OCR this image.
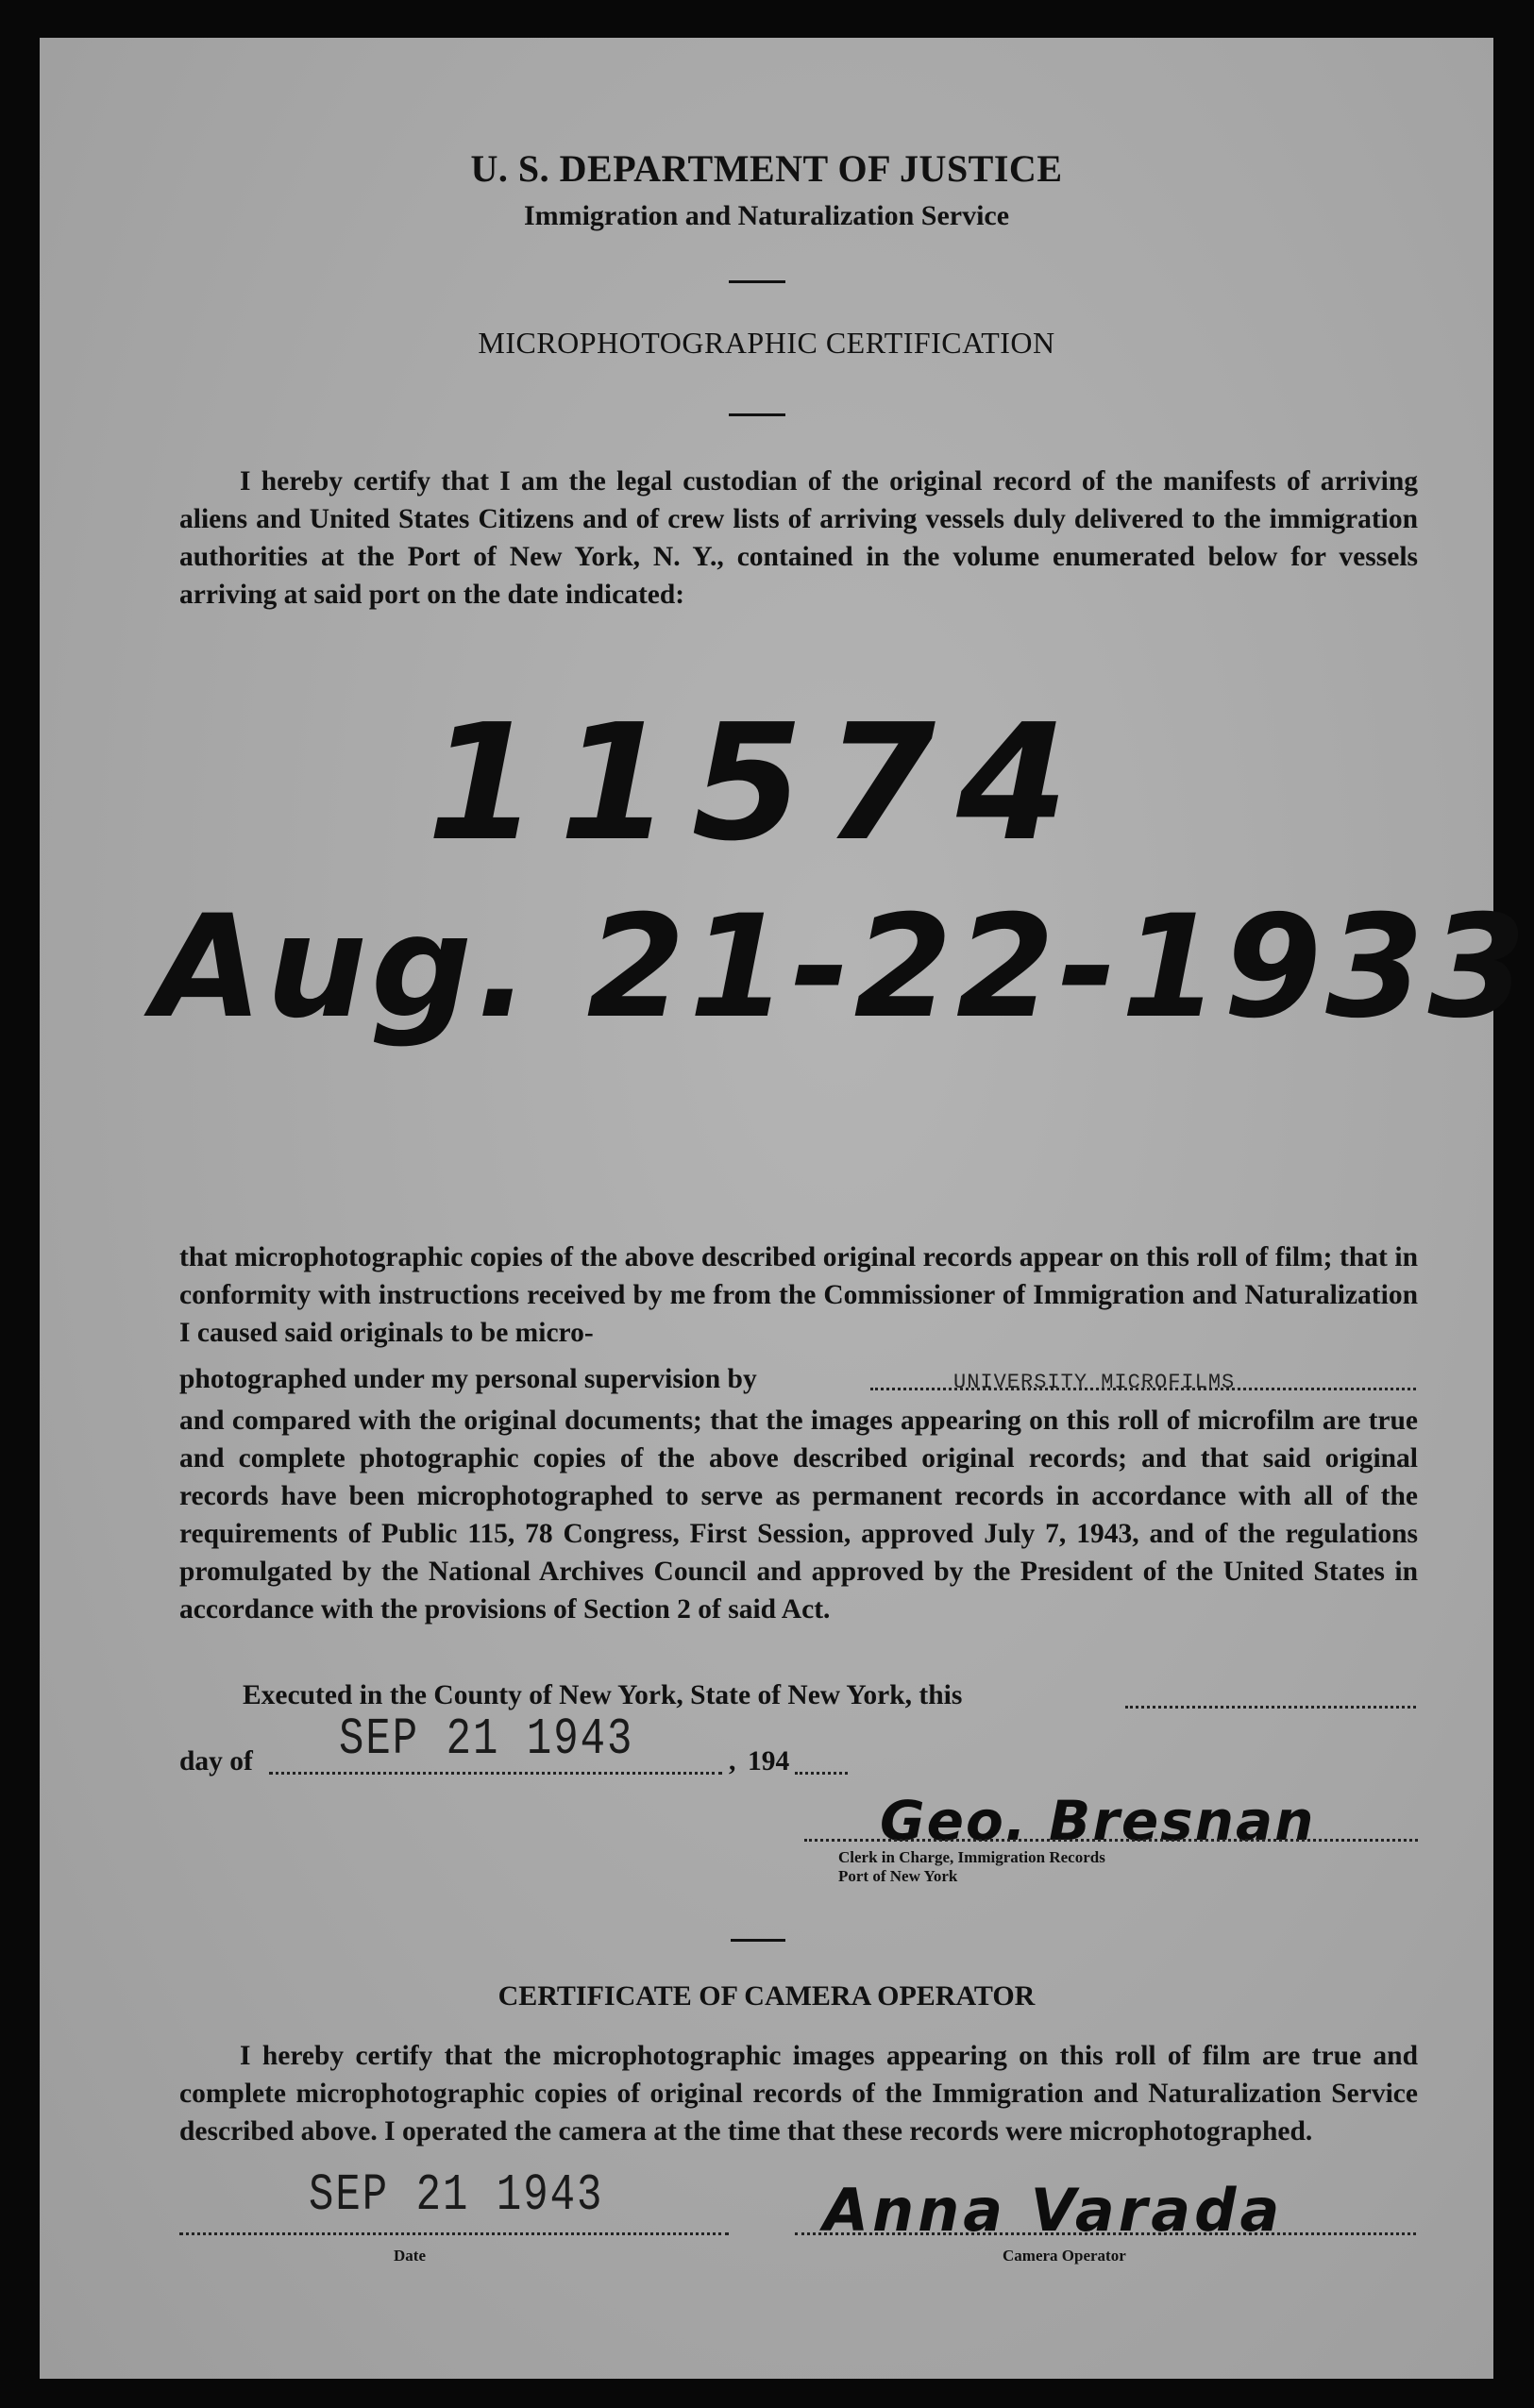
U. S. DEPARTMENT OF JUSTICE
Immigration and Naturalization Service
MICROPHOTOGRAPHIC CERTIFICATION
I hereby certify that I am the legal custodian of the original record of the manifests of arriving aliens and United States Citizens and of crew lists of arriving vessels duly delivered to the immigration authorities at the Port of New York, N. Y., contained in the volume enumerated below for vessels arriving at said port on the date indicated:
11574
Aug. 21-22-1933
that microphotographic copies of the above described original records appear on this roll of film; that in conformity with instructions received by me from the Commissioner of Immigration and Naturalization I caused said originals to be micro-
photographed under my personal supervision by	UNIVERSITY MICROFILMS
and compared with the original documents; that the images appearing on this roll of microfilm are true and complete photographic copies of the above described original records; and that said original records have been microphotographed to serve as permanent records in accordance with all of the requirements of Public 115, 78 Congress, First Session, approved July 7, 1943, and of the regulations promulgated by the National Archives Council and approved by the President of the United States in accordance with the provisions of Section 2 of said Act.
Executed in the County of New York, State of New York, this
day of	, 194
SEP 21 1943
Geo. Bresnan
Clerk in Charge, Immigration Records
Port of New York
CERTIFICATE OF CAMERA OPERATOR
I hereby certify that the microphotographic images appearing on this roll of film are true and complete microphotographic copies of original records of the Immigration and Naturalization Service described above. I operated the camera at the time that these records were microphotographed.
SEP 21 1943
Date
Anna Varada
Camera Operator
